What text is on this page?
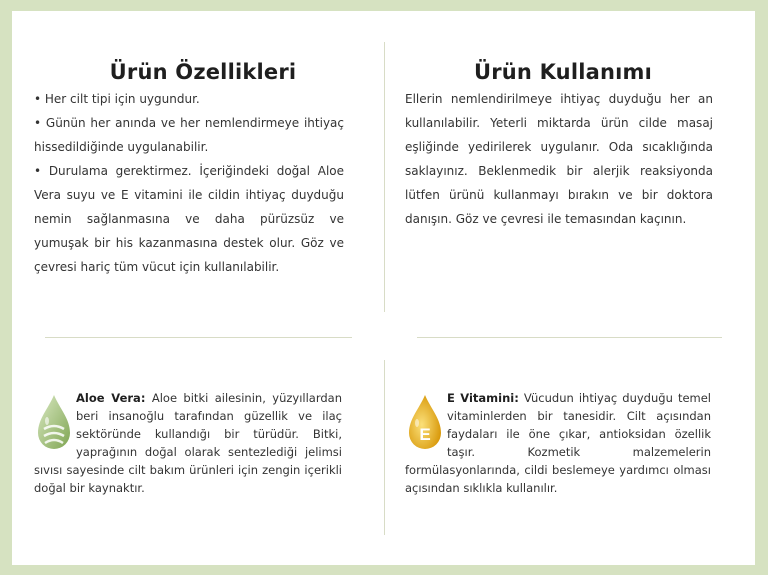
Ürün Özellikleri	Ürün Kullanımı

• Her cilt tipi için uygundur.

• Günün her anında ve her nemlendirmeye ihtiyaç hissedildiğinde uygulanabilir.

• Durulama gerektirmez. İçeriğindeki doğal Aloe Vera suyu ve E vitamini ile cildin ihtiyaç duyduğu nemin sağlanmasına ve daha pürüzsüz ve yumuşak bir his kazanmasına destek olur. Göz ve çevresi hariç tüm vücut için kullanılabilir.

Ellerin nemlendirilmeye ihtiyaç duyduğu her an kullanılabilir. Yeterli miktarda ürün cilde masaj eşliğinde yedirilerek uygulanır. Oda sıcaklığında saklayınız. Beklenmedik bir alerjik reaksiyonda lütfen ürünü kullanmayı bırakın ve bir doktora danışın. Göz ve çevresi ile temasından kaçının.

Aloe Vera: Aloe bitki ailesinin, yüzyıllardan beri insanoğlu tarafından güzellik ve ilaç sektöründe kullandığı bir türüdür. Bitki, yaprağının doğal olarak sentezlediği jelimsi sıvısı sayesinde cilt bakım ürünleri için zengin içerikli doğal bir kaynaktır.
E
E Vitamini: Vücudun ihtiyaç duyduğu temel vitaminlerden bir tanesidir. Cilt açısından faydaları ile öne çıkar, antioksidan özellik taşır. Kozmetik malzemelerin formülasyonlarında, cildi beslemeye yardımcı olması açısından sıklıkla kullanılır.
